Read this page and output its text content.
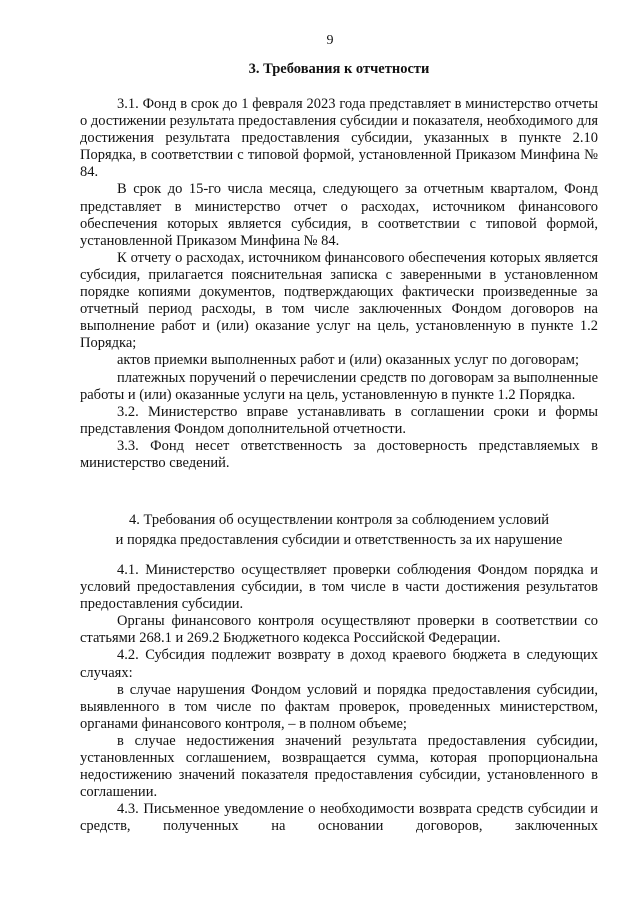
9
3. Требования к отчетности

3.1. Фонд в срок до 1 февраля 2023 года представляет в министерство отчеты о достижении результата предоставления субсидии и показателя, необходимого для достижения результата предоставления субсидии, указанных в пункте 2.10 Порядка, в соответствии с типовой формой, установленной Приказом Минфина № 84.

В срок до 15-го числа месяца, следующего за отчетным кварталом, Фонд представляет в министерство отчет о расходах, источником финансового обеспечения которых является субсидия, в соответствии с типовой формой, установленной Приказом Минфина № 84.

К отчету о расходах, источником финансового обеспечения которых является субсидия, прилагается пояснительная записка с заверенными в установленном порядке копиями документов, подтверждающих фактически произведенные за отчетный период расходы, в том числе заключенных Фондом договоров на выполнение работ и (или) оказание услуг на цель, установленную в пункте 1.2 Порядка;

актов приемки выполненных работ и (или) оказанных услуг по договорам;

платежных поручений о перечислении средств по договорам за выполненные работы и (или) оказанные услуги на цель, установленную в пункте 1.2 Порядка.

3.2. Министерство вправе устанавливать в соглашении сроки и формы представления Фондом дополнительной отчетности.

3.3. Фонд несет ответственность за достоверность представляемых в министерство сведений.

4. Требования об осуществлении контроля за соблюдением условий
и порядка предоставления субсидии и ответственность за их нарушение

4.1. Министерство осуществляет проверки соблюдения Фондом порядка и условий предоставления субсидии, в том числе в части достижения результатов предоставления субсидии.

Органы финансового контроля осуществляют проверки в соответствии со статьями 268.1 и 269.2 Бюджетного кодекса Российской Федерации.

4.2. Субсидия подлежит возврату в доход краевого бюджета в следующих случаях:

в случае нарушения Фондом условий и порядка предоставления субсидии, выявленного в том числе по фактам проверок, проведенных министерством, органами финансового контроля, – в полном объеме;

в случае недостижения значений результата предоставления субсидии, установленных соглашением, возвращается сумма, которая пропорциональна недостижению значений показателя предоставления субсидии, установленного в соглашении.

4.3. Письменное уведомление о необходимости возврата средств субсидии и средств, полученных на основании договоров, заключенных
